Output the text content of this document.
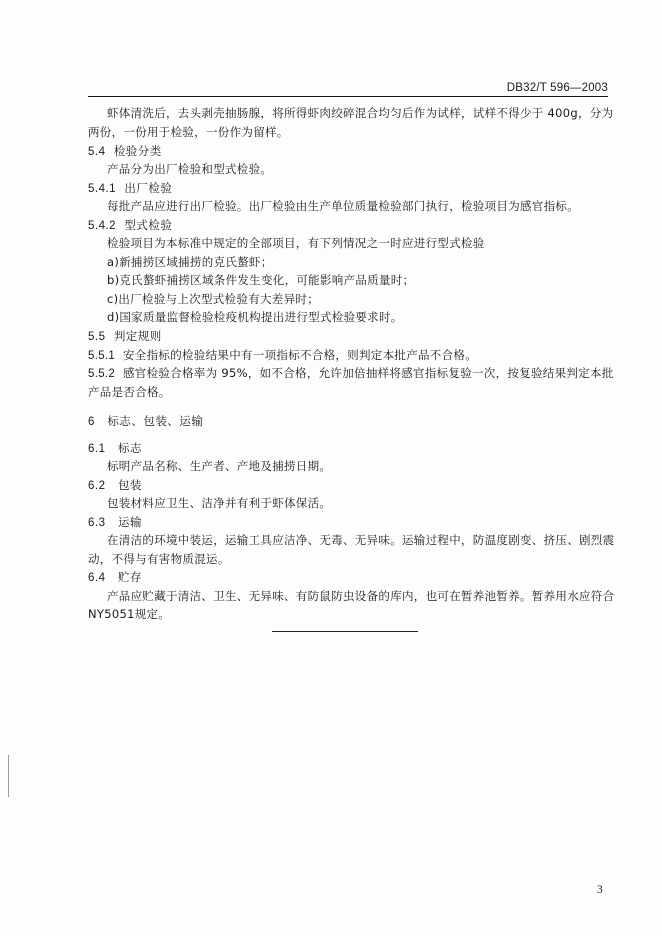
DB32/T 596—2003
虾体清洗后，去头剥壳抽肠腺，将所得虾肉绞碎混合均匀后作为试样，试样不得少于 400g，分为
两份，一份用于检验，一份作为留样。
5.4 检验分类
产品分为出厂检验和型式检验。
5.4.1 出厂检验
每批产品应进行出厂检验。出厂检验由生产单位质量检验部门执行，检验项目为感官指标。
5.4.2 型式检验
检验项目为本标准中规定的全部项目，有下列情况之一时应进行型式检验
a)新捕捞区域捕捞的克氏螯虾；
b)克氏螯虾捕捞区域条件发生变化，可能影响产品质量时；
c)出厂检验与上次型式检验有大差异时；
d)国家质量监督检验检疫机构提出进行型式检验要求时。
5.5 判定规则
5.5.1 安全指标的检验结果中有一项指标不合格，则判定本批产品不合格。
5.5.2 感官检验合格率为 95%，如不合格，允许加倍抽样将感官指标复验一次，按复验结果判定本批
产品是否合格。
6 标志、包装、运输
6.1 标志
标明产品名称、生产者、产地及捕捞日期。
6.2 包装
包装材料应卫生、洁净并有利于虾体保活。
6.3 运输
在清洁的环境中装运，运输工具应洁净、无毒、无异味。运输过程中，防温度剧变、挤压、剧烈震
动，不得与有害物质混运。
6.4 贮存
产品应贮藏于清洁、卫生、无异味、有防鼠防虫设备的库内，也可在暂养池暂养。暂养用水应符合
NY5051规定。
3
